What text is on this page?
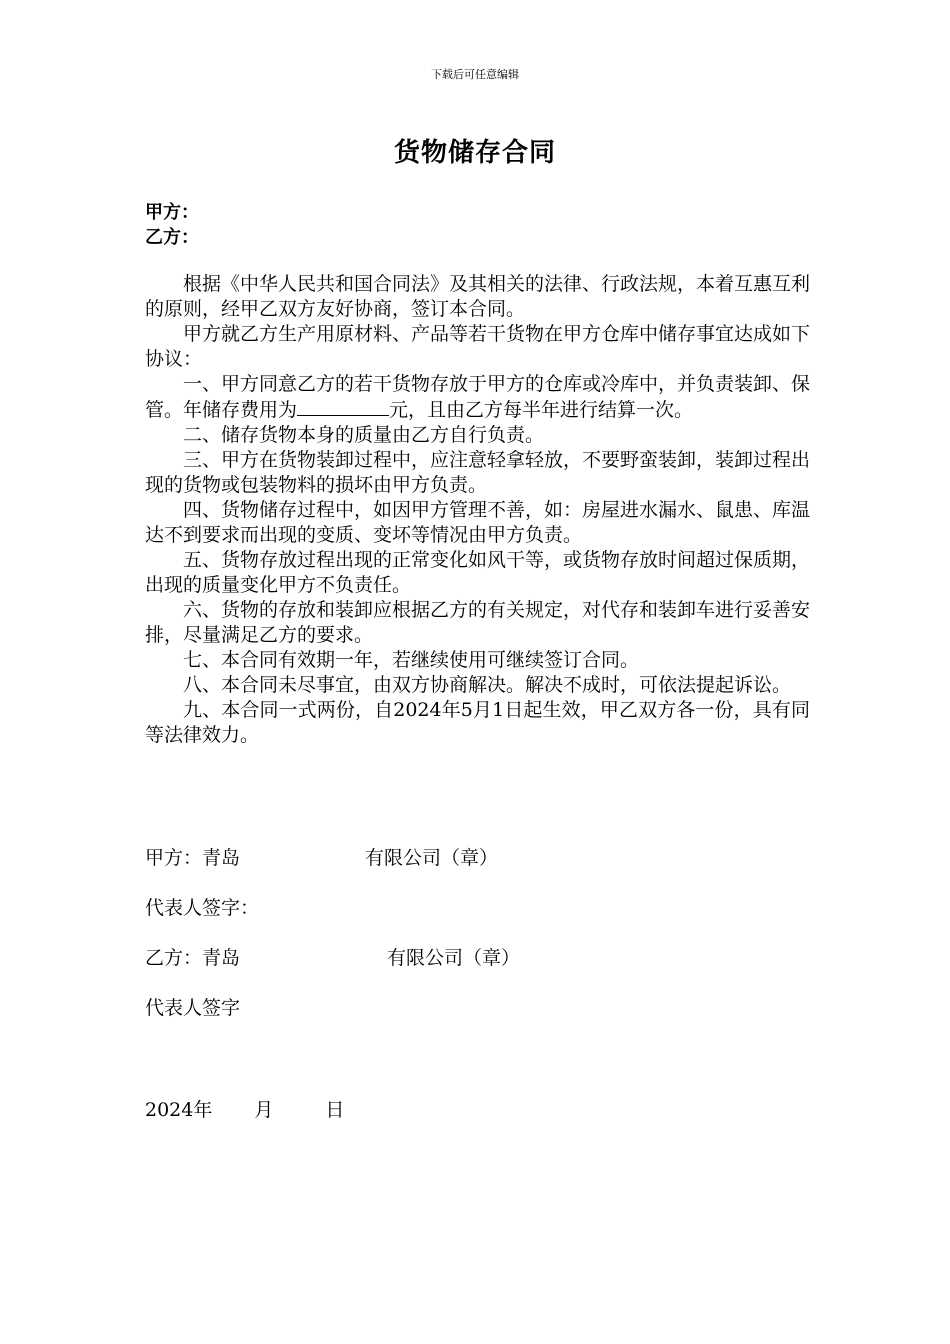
下载后可任意编辑
货物储存合同
甲方：
乙方：

根据《中华人民共和国合同法》及其相关的法律、行政法规，本着互惠互利的原则，经甲乙双方友好协商，签订本合同。

甲方就乙方生产用原材料、产品等若干货物在甲方仓库中储存事宜达成如下协议：

一、甲方同意乙方的若干货物存放于甲方的仓库或冷库中，并负责装卸、保管。年储存费用为	元，且由乙方每半年进行结算一次。

二、储存货物本身的质量由乙方自行负责。

三、甲方在货物装卸过程中，应注意轻拿轻放，不要野蛮装卸，装卸过程出现的货物或包装物料的损坏由甲方负责。

四、货物储存过程中，如因甲方管理不善，如：房屋进水漏水、鼠患、库温达不到要求而出现的变质、变坏等情况由甲方负责。

五、货物存放过程出现的正常变化如风干等，或货物存放时间超过保质期，出现的质量变化甲方不负责任。

六、货物的存放和装卸应根据乙方的有关规定，对代存和装卸车进行妥善安排，尽量满足乙方的要求。

七、本合同有效期一年，若继续使用可继续签订合同。

八、本合同未尽事宜，由双方协商解决。解决不成时，可依法提起诉讼。

九、本合同一式两份，自2024年5月1日起生效，甲乙双方各一份，具有同等法律效力。

甲方：青岛	有限公司（章）
代表人签字：
乙方：青岛	有限公司（章）
代表人签字
2024年 月	日
